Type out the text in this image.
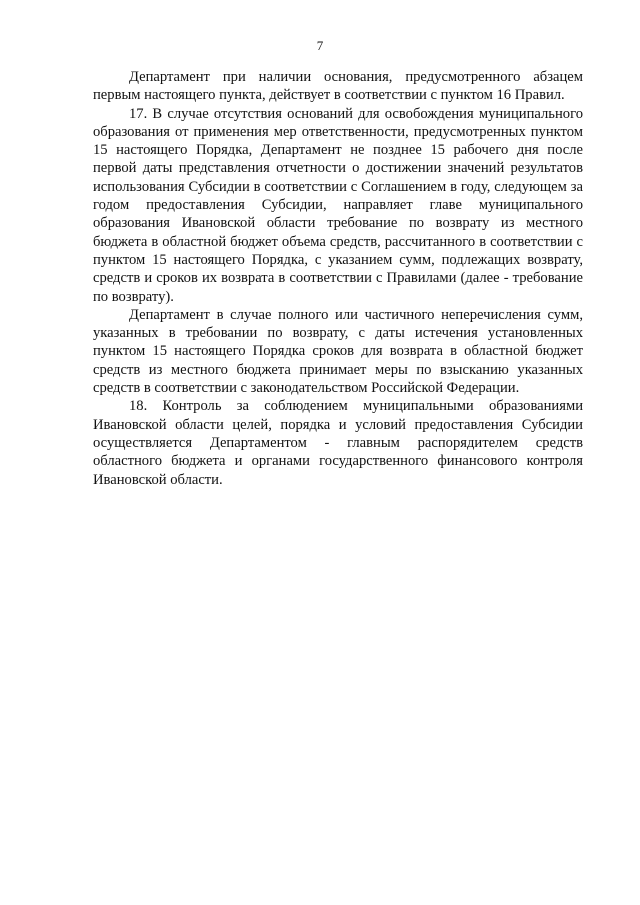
7

Департамент при наличии основания, предусмотренного абзацем первым настоящего пункта, действует в соответствии с пунктом 16 Правил.

17. В случае отсутствия оснований для освобождения муниципального образования от применения мер ответственности, предусмотренных пунктом 15 настоящего Порядка, Департамент не позднее 15 рабочего дня после первой даты представления отчетности о достижении значений результатов использования Субсидии в соответствии с Соглашением в году, следующем за годом предоставления Субсидии, направляет главе муниципального образования Ивановской области требование по возврату из местного бюджета в областной бюджет объема средств, рассчитанного в соответствии с пунктом 15 настоящего Порядка, с указанием сумм, подлежащих возврату, средств и сроков их возврата в соответствии с Правилами (далее - требование по возврату).

Департамент в случае полного или частичного неперечисления сумм, указанных в требовании по возврату, с даты истечения установленных пунктом 15 настоящего Порядка сроков для возврата в областной бюджет средств из местного бюджета принимает меры по взысканию указанных средств в соответствии с законодательством Российской Федерации.

18. Контроль за соблюдением муниципальными образованиями Ивановской области целей, порядка и условий предоставления Субсидии осуществляется Департаментом - главным распорядителем средств областного бюджета и органами государственного финансового контроля Ивановской области.
